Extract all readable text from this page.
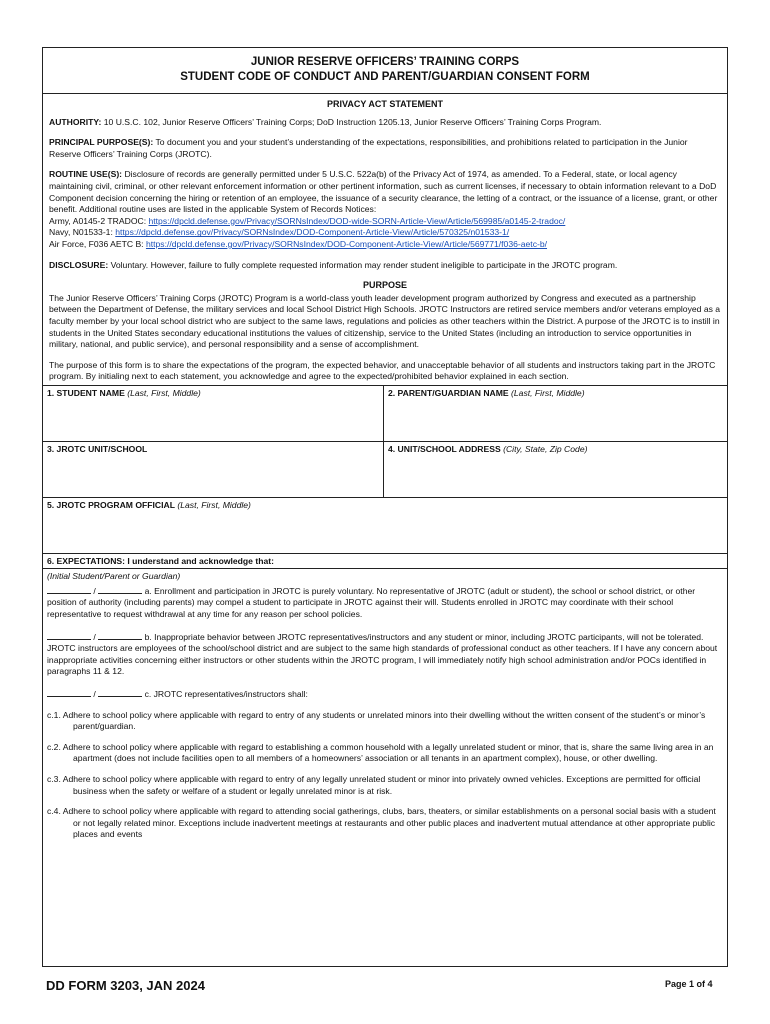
JUNIOR RESERVE OFFICERS’ TRAINING CORPS
STUDENT CODE OF CONDUCT AND PARENT/GUARDIAN CONSENT FORM
PRIVACY ACT STATEMENT

AUTHORITY: 10 U.S.C. 102, Junior Reserve Officers’ Training Corps; DoD Instruction 1205.13, Junior Reserve Officers’ Training Corps Program.

PRINCIPAL PURPOSE(S): To document you and your student’s understanding of the expectations, responsibilities, and prohibitions related to participation in the Junior Reserve Officers’ Training Corps (JROTC).

ROUTINE USE(S): Disclosure of records are generally permitted under 5 U.S.C. 522a(b) of the Privacy Act of 1974, as amended. To a Federal, state, or local agency maintaining civil, criminal, or other relevant enforcement information or other pertinent information, such as current licenses, if necessary to obtain information relevant to a DoD Component decision concerning the hiring or retention of an employee, the issuance of a security clearance, the letting of a contract, or the issuance of a license, grant, or other benefit. Additional routine uses are listed in the applicable System of Records Notices:
Army, A0145-2 TRADOC: https://dpcld.defense.gov/Privacy/SORNsIndex/DOD-wide-SORN-Article-View/Article/569985/a0145-2-tradoc/
Navy, N01533-1: https://dpcld.defense.gov/Privacy/SORNsIndex/DOD-Component-Article-View/Article/570325/n01533-1/
Air Force, F036 AETC B: https://dpcld.defense.gov/Privacy/SORNsIndex/DOD-Component-Article-View/Article/569771/f036-aetc-b/

DISCLOSURE: Voluntary. However, failure to fully complete requested information may render student ineligible to participate in the JROTC program.

PURPOSE

The Junior Reserve Officers’ Training Corps (JROTC) Program is a world-class youth leader development program authorized by Congress and executed as a partnership between the Department of Defense, the military services and local School District High Schools. JROTC Instructors are retired service members and/or veterans employed as a faculty member by your local school district who are subject to the same laws, regulations and policies as other teachers within the District. A purpose of the JROTC is to instill in students in the United States secondary educational institutions the values of citizenship, service to the United States (including an introduction to service opportunities in military, national, and public service), and personal responsibility and a sense of accomplishment.

The purpose of this form is to share the expectations of the program, the expected behavior, and unacceptable behavior of all students and instructors taking part in the JROTC program. By initialing next to each statement, you acknowledge and agree to the expected/prohibited behavior explained in each section.

1. STUDENT NAME (Last, First, Middle)	2. PARENT/GUARDIAN NAME (Last, First, Middle)
3. JROTC UNIT/SCHOOL	4. UNIT/SCHOOL ADDRESS (City, State, Zip Code)
5. JROTC PROGRAM OFFICIAL (Last, First, Middle)
6. EXPECTATIONS: I understand and acknowledge that:
(Initial Student/Parent or Guardian)

/	a. Enrollment and participation in JROTC is purely voluntary. No representative of JROTC (adult or student), the school or school district, or other position of authority (including parents) may compel a student to participate in JROTC against their will. Students enrolled in JROTC may coordinate with their school representative to request withdrawal at any time for any reason per school policies.

/	b. Inappropriate behavior between JROTC representatives/instructors and any student or minor, including JROTC participants, will not be tolerated. JROTC instructors are employees of the school/school district and are subject to the same high standards of professional conduct as other teachers. If I have any concern about inappropriate activities concerning either instructors or other students within the JROTC program, I will immediately notify high school administration and/or POCs identified in paragraphs 11 & 12.

/	c. JROTC representatives/instructors shall:

c.1. Adhere to school policy where applicable with regard to entry of any students or unrelated minors into their dwelling without the written consent of the student’s or minor’s parent/guardian.

c.2. Adhere to school policy where applicable with regard to establishing a common household with a legally unrelated student or minor, that is, share the same living area in an apartment (does not include facilities open to all members of a homeowners’ association or all tenants in an apartment complex), house, or other dwelling.

c.3. Adhere to school policy where applicable with regard to entry of any legally unrelated student or minor into privately owned vehicles. Exceptions are permitted for official business when the safety or welfare of a student or legally unrelated minor is at risk.

c.4. Adhere to school policy where applicable with regard to attending social gatherings, clubs, bars, theaters, or similar establishments on a personal social basis with a student or not legally related minor. Exceptions include inadvertent meetings at restaurants and other public places and inadvertent mutual attendance at other appropriate public places and events

DD FORM 3203, JAN 2024	Page 1 of 4
